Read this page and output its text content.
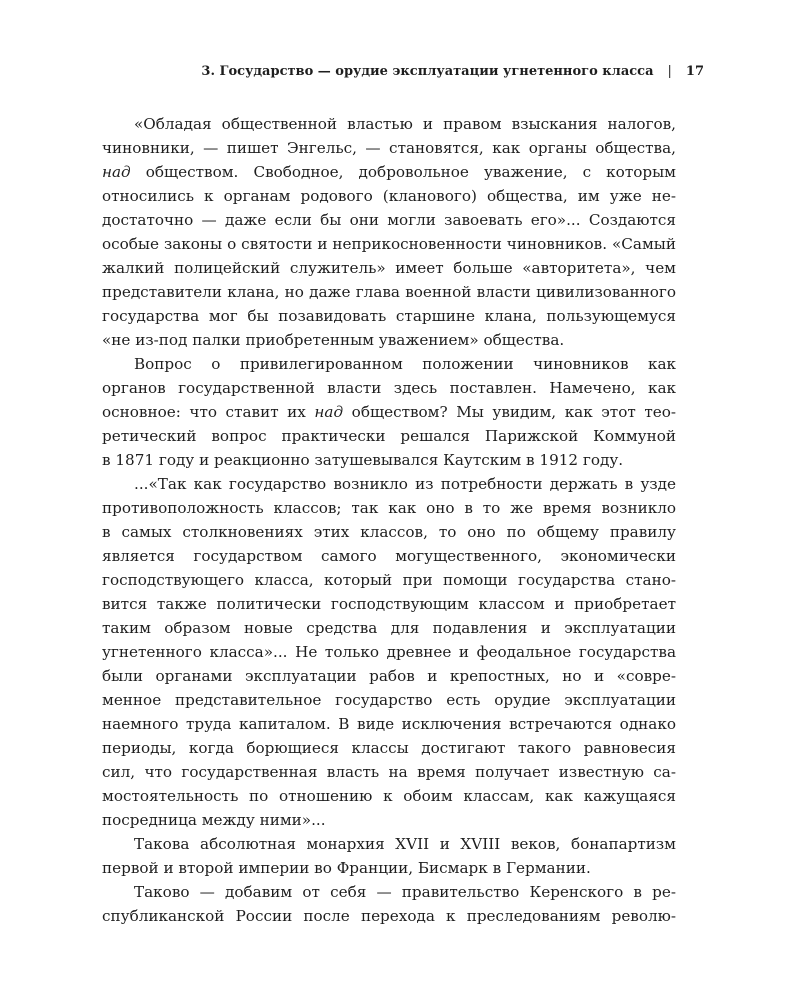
3. Государство — орудие эксплуатации угнетенного класса | 17
«Обладая общественной властью и правом взыскания налогов,
чиновники, — пишет Энгельс, — становятся, как органы общества,
над обществом. Свободное, добровольное уважение, с которым
относились к органам родового (кланового) общества, им уже не-
достаточно — даже если бы они могли завоевать его»... Создаются
особые законы о святости и неприкосновенности чиновников. «Самый
жалкий полицейский служитель» имеет больше «авторитета», чем
представители клана, но даже глава военной власти цивилизованного
государства мог бы позавидовать старшине клана, пользующемуся
«не из-под палки приобретенным уважением» общества.
Вопрос о привилегированном положении чиновников как
органов государственной власти здесь поставлен. Намечено, как
основное: что ставит их над обществом? Мы увидим, как этот тео-
ретический вопрос практически решался Парижской Коммуной
в 1871 году и реакционно затушевывался Каутским в 1912 году.
...«Так как государство возникло из потребности держать в узде
противоположность классов; так как оно в то же время возникло
в самых столкновениях этих классов, то оно по общему правилу
является государством самого могущественного, экономически
господствующего класса, который при помощи государства стано-
вится также политически господствующим классом и приобретает
таким образом новые средства для подавления и эксплуатации
угнетенного класса»... Не только древнее и феодальное государства
были органами эксплуатации рабов и крепостных, но и «совре-
менное представительное государство есть орудие эксплуатации
наемного труда капиталом. В виде исключения встречаются однако
периоды, когда борющиеся классы достигают такого равновесия
сил, что государственная власть на время получает известную са-
мостоятельность по отношению к обоим классам, как кажущаяся
посредница между ними»...
Такова абсолютная монархия XVII и XVIII веков, бонапартизм
первой и второй империи во Франции, Бисмарк в Германии.
Таково — добавим от себя — правительство Керенского в ре-
спубликанской России после перехода к преследованиям револю-
